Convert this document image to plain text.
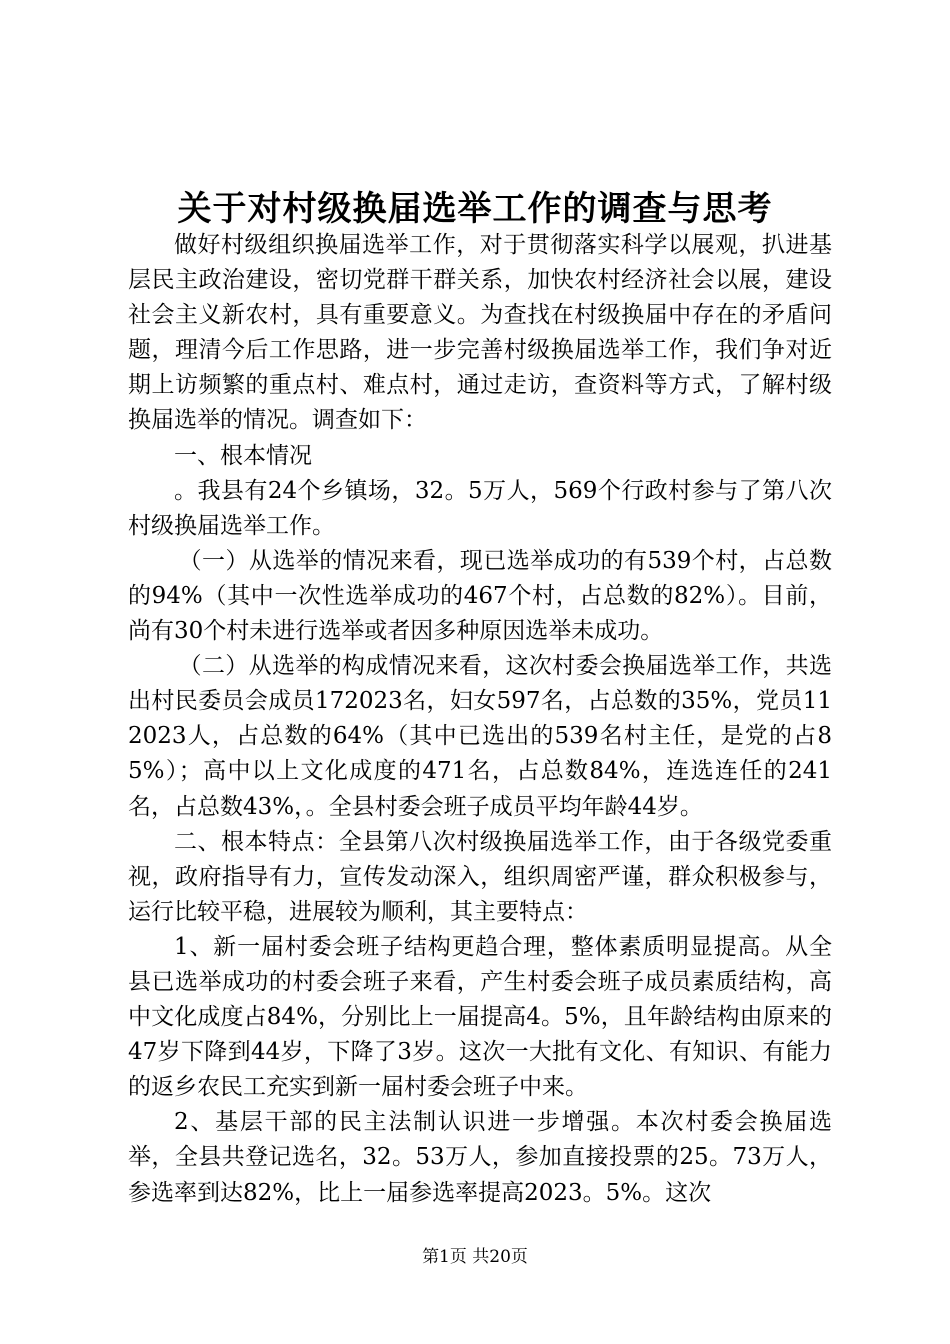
关于对村级换届选举工作的调查与思考

做好村级组织换届选举工作，对于贯彻落实科学以展观，扒进基层民主政治建设，密切党群干群关系，加快农村经济社会以展，建设社会主义新农村，具有重要意义。为查找在村级换届中存在的矛盾问题，理清今后工作思路，进一步完善村级换届选举工作，我们争对近期上访频繁的重点村、难点村，通过走访，查资料等方式，了解村级换届选举的情况。调查如下：

一、根本情况

。我县有24个乡镇场，32。5万人，569个行政村参与了第八次村级换届选举工作。

（一）从选举的情况来看，现已选举成功的有539个村，占总数的94%（其中一次性选举成功的467个村，占总数的82%）。目前，尚有30个村未进行选举或者因多种原因选举未成功。

（二）从选举的构成情况来看，这次村委会换届选举工作，共选出村民委员会成员172023名，妇女597名，占总数的35%，党员112023人，占总数的64%（其中已选出的539名村主任，是党的占85%）；高中以上文化成度的471名，占总数84%，连选连任的241名，占总数43%，。全县村委会班子成员平均年龄44岁。

二、根本特点：全县第八次村级换届选举工作，由于各级党委重视，政府指导有力，宣传发动深入，组织周密严谨，群众积极参与，运行比较平稳，进展较为顺利，其主要特点：

1、新一届村委会班子结构更趋合理，整体素质明显提高。从全县已选举成功的村委会班子来看，产生村委会班子成员素质结构，高中文化成度占84%，分别比上一届提高4。5%，且年龄结构由原来的47岁下降到44岁，下降了3岁。这次一大批有文化、有知识、有能力的返乡农民工充实到新一届村委会班子中来。

2、基层干部的民主法制认识进一步增强。本次村委会换届选举，全县共登记选名，32。53万人，参加直接投票的25。73万人，参选率到达82%，比上一届参选率提高2023。5%。这次

第1页 共20页
